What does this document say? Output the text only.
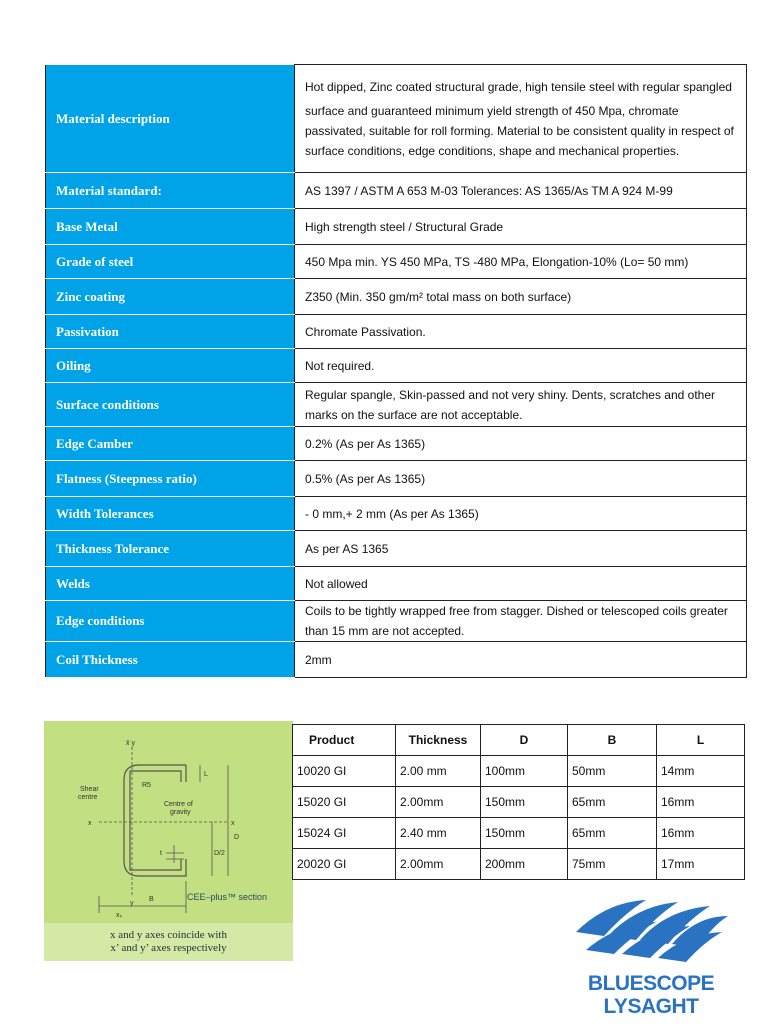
Material description	Hot dipped, Zinc coated structural grade, high tensile steel with regular spangled

surface and guaranteed minimum yield strength of 450 Mpa, chromate passivated, suitable for roll forming. Material to be consistent quality in respect of surface conditions, edge conditions, shape and mechanical properties.

Material standard:	AS 1397 / ASTM A 653 M-03 Tolerances: AS 1365/As TM A 924 M-99

Base Metal	High strength steel / Structural Grade

Grade of steel	450 Mpa min. YS 450 MPa, TS -480 MPa, Elongation-10% (Lo= 50 mm)

Zinc coating	Z350 (Min. 350 gm/m² total mass on both surface)

Passivation	Chromate Passivation.

Oiling	Not required.

Surface conditions	Regular spangle, Skin-passed and not very shiny. Dents, scratches and other marks on the surface are not acceptable.

Edge Camber	0.2% (As per As 1365)

Flatness (Steepness ratio)	0.5% (As per As 1365)

Width Tolerances	- 0 mm,+ 2 mm (As per As 1365)

Thickness Tolerance	As per AS 1365

Welds	Not allowed

Edge conditions	Coils to be tightly wrapped free from stagger. Dished or telescoped coils greater than 15 mm are not accepted.

Coil Thickness	2mm

x̄ y
R5
Shear centre
Centre of gravity
x	x
L
D
D/2
t
B
xₛ
y
CEE–plus™ section
x and y axes coincide with
x’ and y’ axes respectively
Product	Thickness	D	B	L
10020 GI	2.00 mm	100mm	50mm	14mm
15020 GI	2.00mm	150mm	65mm	16mm
15024 GI	2.40 mm	150mm	65mm	16mm
20020 GI	2.00mm	200mm	75mm	17mm
BLUESCOPE
LYSAGHT
